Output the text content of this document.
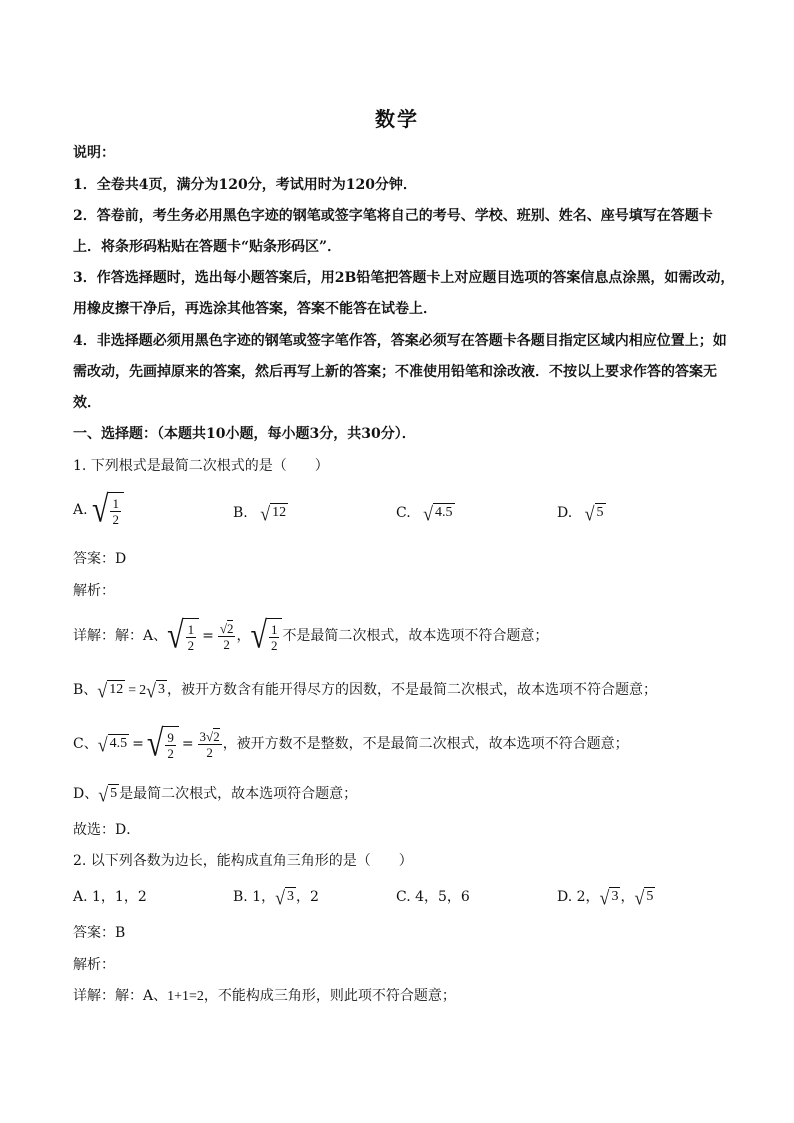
数学
说明：
1．全卷共4页，满分为120分，考试用时为120分钟．
2．答卷前，考生务必用黑色字迹的钢笔或签字笔将自己的考号、学校、班别、姓名、座号填写在答题卡
上．将条形码粘贴在答题卡“贴条形码区”．
3．作答选择题时，选出每小题答案后，用2B铅笔把答题卡上对应题目选项的答案信息点涂黑，如需改动，
用橡皮擦干净后，再选涂其他答案，答案不能答在试卷上．
4．非选择题必须用黑色字迹的钢笔或签字笔作答，答案必须写在答题卡各题目指定区域内相应位置上；如
需改动，先画掉原来的答案，然后再写上新的答案；不准使用铅笔和涂改液．不按以上要求作答的答案无
效．
一、选择题：（本题共10小题，每小题3分，共30分）．
1. 下列根式是最简二次根式的是（　　）
A. √ $\frac{1}{2}$	B. √ 12	C. √ 4.5	D. √ 5
答案：D
解析：
详解：解：A、 √ $\frac{1}{2} = \frac{√2}{2}$ ， √ $\frac{1}{2}$ 不是最简二次根式，故本选项不符合题意；
B、√ 12 = 2√ 3 ，被开方数含有能开得尽方的因数，不是最简二次根式，故本选项不符合题意；
C、√ 4.5 = √ $\frac{9}{2} = \frac{3√2}{2}$ ，被开方数不是整数，不是最简二次根式，故本选项不符合题意；
D、√ 5 是最简二次根式，故本选项符合题意；
故选：D．
2. 以下列各数为边长，能构成直角三角形的是（　　）
A. 1，1，2	B. 1，√ 3 ，2	C. 4，5，6	D. 2，√ 3 ，√ 5
答案：B
解析：
详解：解：A、1+1=2，不能构成三角形，则此项不符合题意；
